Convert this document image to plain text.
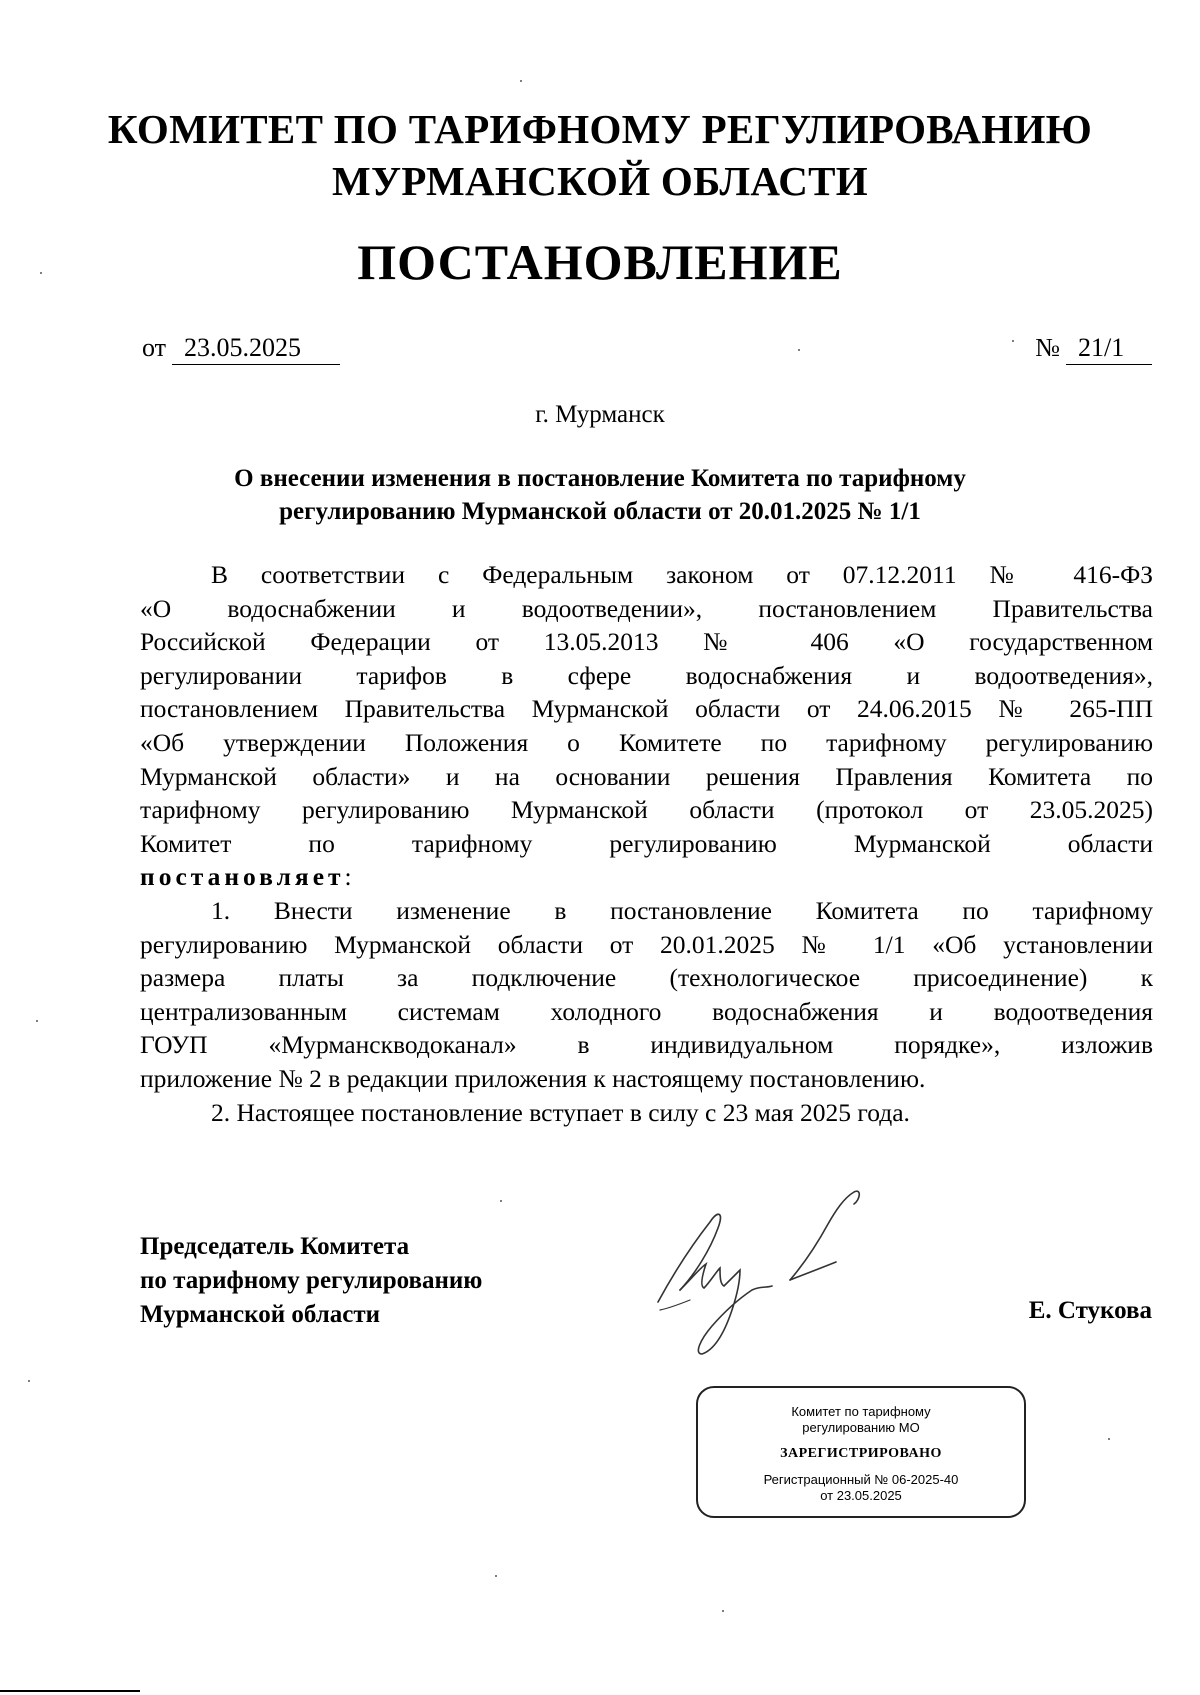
КОМИТЕТ ПО ТАРИФНОМУ РЕГУЛИРОВАНИЮ
МУРМАНСКОЙ ОБЛАСТИ
ПОСТАНОВЛЕНИЕ
от 23.05.2025	№ 21/1
г. Мурманск
О внесении изменения в постановление Комитета по тарифному
регулированию Мурманской области от 20.01.2025 № 1/1

В соответствии с Федеральным законом от 07.12.2011 № 416-ФЗ

«О водоснабжении и водоотведении», постановлением Правительства

Российской Федерации от 13.05.2013 № 406 «О государственном

регулировании тарифов в сфере водоснабжения и водоотведения»,

постановлением Правительства Мурманской области от 24.06.2015 № 265-ПП

«Об утверждении Положения о Комитете по тарифному регулированию

Мурманской области» и на основании решения Правления Комитета по

тарифному регулированию Мурманской области (протокол от 23.05.2025)

Комитет по тарифному регулированию Мурманской области

постановляет:

1. Внести изменение в постановление Комитета по тарифному

регулированию Мурманской области от 20.01.2025 № 1/1 «Об установлении

размера платы за подключение (технологическое присоединение) к

централизованным системам холодного водоснабжения и водоотведения

ГОУП «Мурманскводоканал» в индивидуальном порядке», изложив

приложение № 2 в редакции приложения к настоящему постановлению.

2. Настоящее постановление вступает в силу с 23 мая 2025 года.

Председатель Комитета
по тарифному регулированию
Мурманской области	Е. Стукова
Комитет по тарифному
регулированию МО
ЗАРЕГИСТРИРОВАНО
Регистрационный № 06-2025-40
от 23.05.2025
